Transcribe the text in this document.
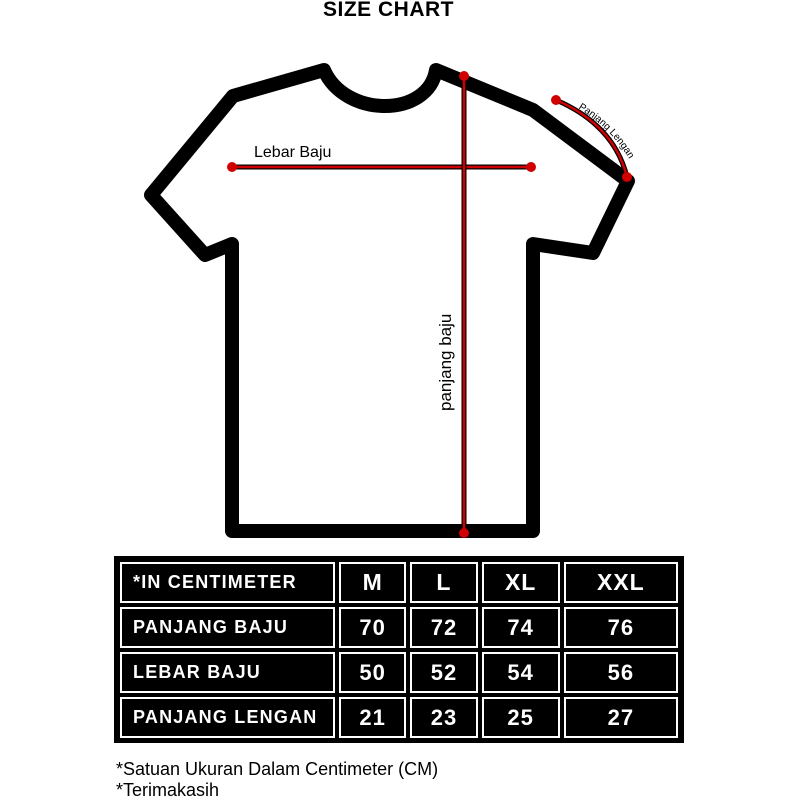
SIZE CHART
Lebar Baju
panjang baju
Panjang Lengan
*IN CENTIMETER	M	L	XL	XXL
PANJANG BAJU	70	72	74	76
LEBAR BAJU	50	52	54	56
PANJANG LENGAN	21	23	25	27
*Satuan Ukuran Dalam Centimeter (CM)
*Terimakasih
